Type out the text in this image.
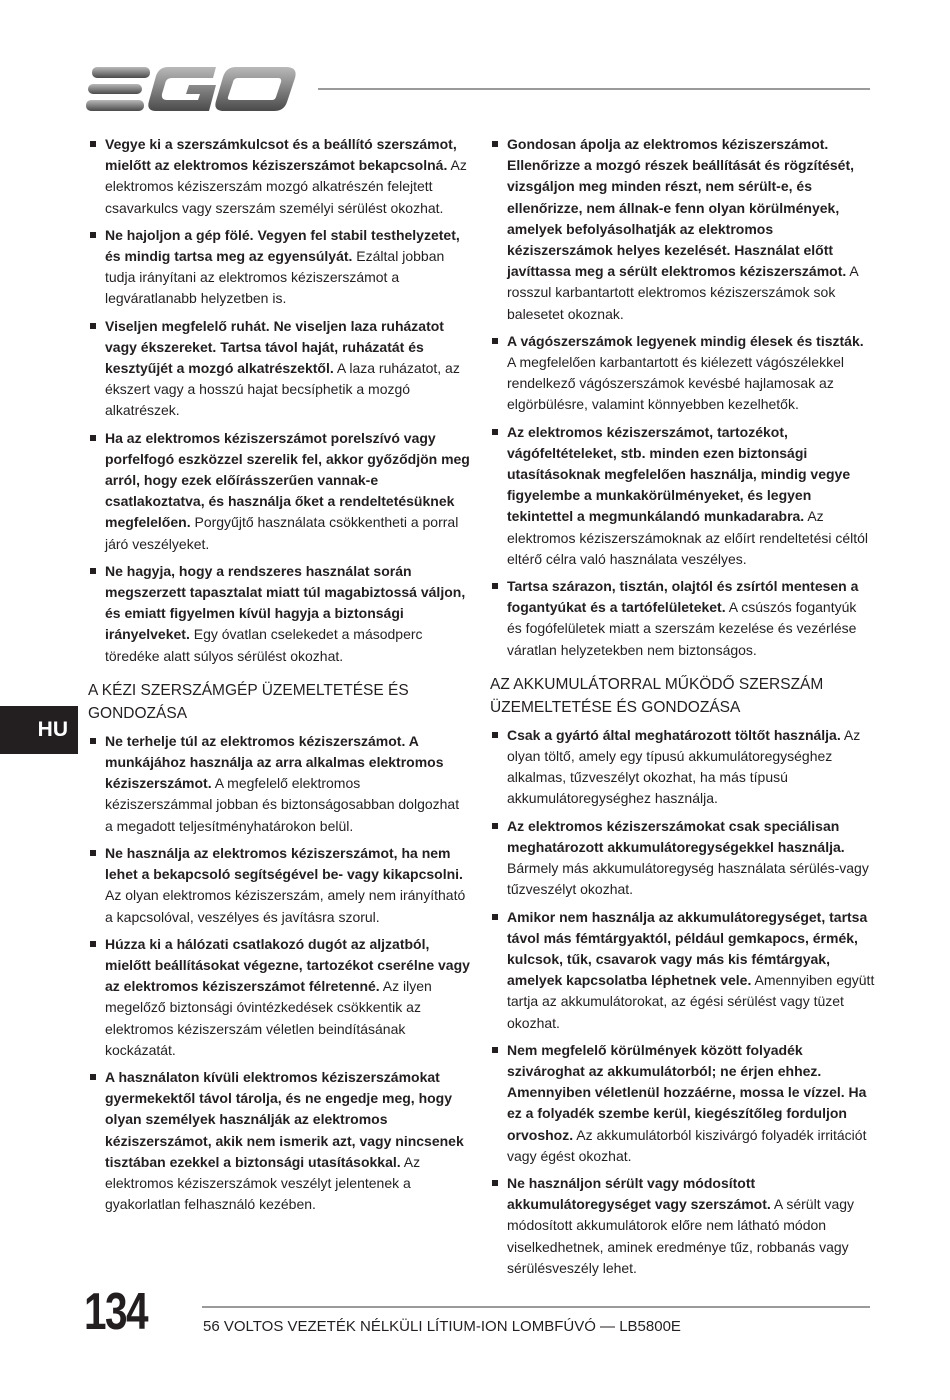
HU
Vegye ki a szerszámkulcsot és a beállító szerszámot, mielőtt az elektromos kéziszerszámot bekapcsolná. Az elektromos kéziszerszám mozgó alkatrészén felejtett csavarkulcs vagy szerszám személyi sérülést okozhat.
Ne hajoljon a gép fölé. Vegyen fel stabil testhelyzetet, és mindig tartsa meg az egyensúlyát. Ezáltal jobban tudja irányítani az elektromos kéziszerszámot a legváratlanabb helyzetben is.
Viseljen megfelelő ruhát. Ne viseljen laza ruházatot vagy ékszereket. Tartsa távol haját, ruházatát és kesztyűjét a mozgó alkatrészektől. A laza ruházatot, az ékszert vagy a hosszú hajat becsíphetik a mozgó alkatrészek.
Ha az elektromos kéziszerszámot porelszívó vagy porfelfogó eszközzel szerelik fel, akkor győződjön meg arról, hogy ezek előírásszerűen vannak-e csatlakoztatva, és használja őket a rendeltetésüknek megfelelően. Porgyűjtő használata csökkentheti a porral járó veszélyeket.
Ne hagyja, hogy a rendszeres használat során megszerzett tapasztalat miatt túl magabiztossá váljon, és emiatt figyelmen kívül hagyja a biztonsági irányelveket. Egy óvatlan cselekedet a másodperc töredéke alatt súlyos sérülést okozhat.
A KÉZI SZERSZÁMGÉP ÜZEMELTETÉSE ÉS GONDOZÁSA
Ne terhelje túl az elektromos kéziszerszámot. A munkájához használja az arra alkalmas elektromos kéziszerszámot. A megfelelő elektromos kéziszerszámmal jobban és biztonságosabban dolgozhat a megadott teljesítményhatárokon belül.
Ne használja az elektromos kéziszerszámot, ha nem lehet a bekapcsoló segítségével be- vagy kikapcsolni. Az olyan elektromos kéziszerszám, amely nem irányítható a kapcsolóval, veszélyes és javításra szorul.
Húzza ki a hálózati csatlakozó dugót az aljzatból, mielőtt beállításokat végezne, tartozékot cserélne vagy az elektromos kéziszerszámot félretenné. Az ilyen megelőző biztonsági óvintézkedések csökkentik az elektromos kéziszerszám véletlen beindításának kockázatát.
A használaton kívüli elektromos kéziszerszámokat gyermekektől távol tárolja, és ne engedje meg, hogy olyan személyek használják az elektromos kéziszerszámot, akik nem ismerik azt, vagy nincsenek tisztában ezekkel a biztonsági utasításokkal. Az elektromos kéziszerszámok veszélyt jelentenek a gyakorlatlan felhasználó kezében.
Gondosan ápolja az elektromos kéziszerszámot. Ellenőrizze a mozgó részek beállítását és rögzítését, vizsgáljon meg minden részt, nem sérült-e, és ellenőrizze, nem állnak-e fenn olyan körülmények, amelyek befolyásolhatják az elektromos kéziszerszámok helyes kezelését. Használat előtt javíttassa meg a sérült elektromos kéziszerszámot. A rosszul karbantartott elektromos kéziszerszámok sok balesetet okoznak.
A vágószerszámok legyenek mindig élesek és tiszták. A megfelelően karbantartott és kiélezett vágószélekkel rendelkező vágószerszámok kevésbé hajlamosak az elgörbülésre, valamint könnyebben kezelhetők.
Az elektromos kéziszerszámot, tartozékot, vágófeltételeket, stb. minden ezen biztonsági utasításoknak megfelelően használja, mindig vegye figyelembe a munkakörülményeket, és legyen tekintettel a megmunkálandó munkadarabra. Az elektromos kéziszerszámoknak az előírt rendeltetési céltól eltérő célra való használata veszélyes.
Tartsa szárazon, tisztán, olajtól és zsírtól mentesen a fogantyúkat és a tartófelületeket. A csúszós fogantyúk és fogófelületek miatt a szerszám kezelése és vezérlése váratlan helyzetekben nem biztonságos.
AZ AKKUMULÁTORRAL MŰKÖDŐ SZERSZÁM ÜZEMELTETÉSE ÉS GONDOZÁSA
Csak a gyártó által meghatározott töltőt használja. Az olyan töltő, amely egy típusú akkumulátoregységhez alkalmas, tűzveszélyt okozhat, ha más típusú akkumulátoregységhez használja.
Az elektromos kéziszerszámokat csak speciálisan meghatározott akkumulátoregységekkel használja. Bármely más akkumulátoregység használata sérülés-vagy tűzveszélyt okozhat.
Amikor nem használja az akkumulátoregységet, tartsa távol más fémtárgyaktól, például gemkapocs, érmék, kulcsok, tűk, csavarok vagy más kis fémtárgyak, amelyek kapcsolatba léphetnek vele. Amennyiben együtt tartja az akkumulátorokat, az égési sérülést vagy tüzet okozhat.
Nem megfelelő körülmények között folyadék szivároghat az akkumulátorból; ne érjen ehhez. Amennyiben véletlenül hozzáérne, mossa le vízzel. Ha ez a folyadék szembe kerül, kiegészítőleg forduljon orvoshoz. Az akkumulátorból kiszivárgó folyadék irritációt vagy égést okozhat.
Ne használjon sérült vagy módosított akkumulátoregységet vagy szerszámot. A sérült vagy módosított akkumulátorok előre nem látható módon viselkedhetnek, aminek eredménye tűz, robbanás vagy sérülésveszély lehet.
134	56 VOLTOS VEZETÉK NÉLKÜLI LÍTIUM-ION LOMBFÚVÓ — LB5800E
